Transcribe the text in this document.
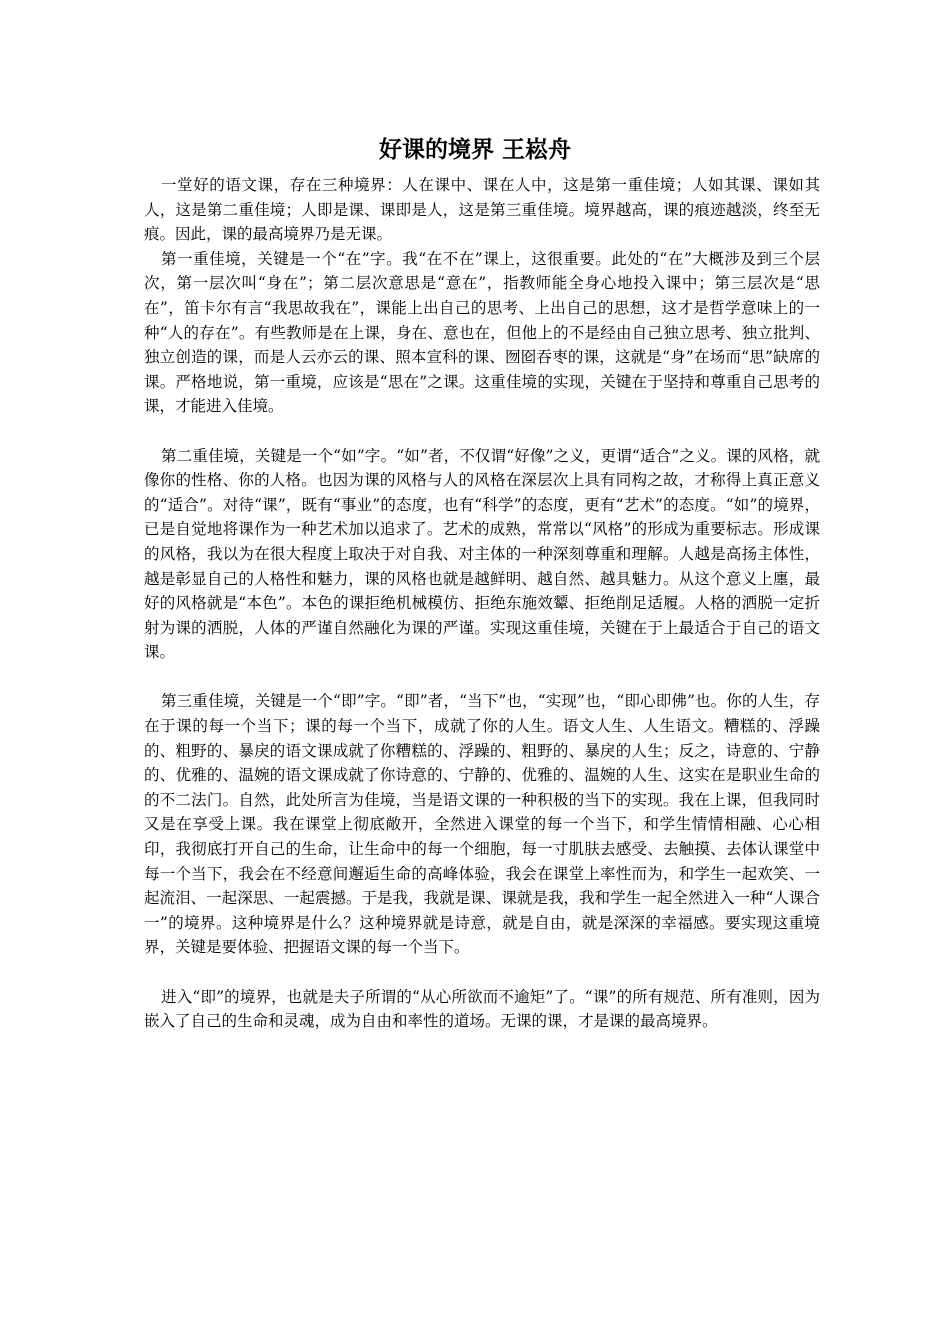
好课的境界 王崧舟

一堂好的语文课，存在三种境界：人在课中、课在人中，这是第一重佳境；人如其课、课如其人，这是第二重佳境；人即是课、课即是人，这是第三重佳境。境界越高，课的痕迹越淡，终至无痕。因此，课的最高境界乃是无课。

第一重佳境，关键是一个“在”字。我“在不在”课上，这很重要。此处的“在”大概涉及到三个层次，第一层次叫“身在”；第二层次意思是“意在”，指教师能全身心地投入课中；第三层次是“思在”，笛卡尔有言“我思故我在”，课能上出自己的思考、上出自己的思想，这才是哲学意味上的一种“人的存在”。有些教师是在上课，身在、意也在，但他上的不是经由自己独立思考、独立批判、独立创造的课，而是人云亦云的课、照本宣科的课、囫囵吞枣的课，这就是“身”在场而“思”缺席的课。严格地说，第一重境，应该是“思在”之课。这重佳境的实现，关键在于坚持和尊重自己思考的课，才能进入佳境。

第二重佳境，关键是一个“如”字。“如”者，不仅谓“好像”之义，更谓“适合”之义。课的风格，就像你的性格、你的人格。也因为课的风格与人的风格在深层次上具有同构之故，才称得上真正意义的“适合”。对待“课”，既有“事业”的态度，也有“科学”的态度，更有“艺术”的态度。“如”的境界，已是自觉地将课作为一种艺术加以追求了。艺术的成熟，常常以“风格”的形成为重要标志。形成课的风格，我以为在很大程度上取决于对自我、对主体的一种深刻尊重和理解。人越是高扬主体性，越是彰显自己的人格性和魅力，课的风格也就是越鲜明、越自然、越具魅力。从这个意义上廛，最好的风格就是“本色”。本色的课拒绝机械模仿、拒绝东施效颦、拒绝削足适履。人格的洒脱一定折射为课的洒脱，人体的严谨自然融化为课的严谨。实现这重佳境，关键在于上最适合于自己的语文课。

第三重佳境，关键是一个“即”字。“即”者，“当下”也，“实现”也，“即心即佛”也。你的人生，存在于课的每一个当下；课的每一个当下，成就了你的人生。语文人生、人生语文。糟糕的、浮躁的、粗野的、暴戾的语文课成就了你糟糕的、浮躁的、粗野的、暴戾的人生；反之，诗意的、宁静的、优雅的、温婉的语文课成就了你诗意的、宁静的、优雅的、温婉的人生、这实在是职业生命的的不二法门。自然，此处所言为佳境，当是语文课的一种积极的当下的实现。我在上课，但我同时又是在享受上课。我在课堂上彻底敞开，全然进入课堂的每一个当下，和学生情情相融、心心相印，我彻底打开自己的生命，让生命中的每一个细胞，每一寸肌肤去感受、去触摸、去体认课堂中每一个当下，我会在不经意间邂逅生命的高峰体验，我会在课堂上率性而为，和学生一起欢笑、一起流泪、一起深思、一起震撼。于是我，我就是课、课就是我，我和学生一起全然进入一种“人课合一”的境界。这种境界是什么？这种境界就是诗意，就是自由，就是深深的幸福感。要实现这重境界，关键是要体验、把握语文课的每一个当下。

进入“即”的境界，也就是夫子所谓的“从心所欲而不逾矩”了。“课”的所有规范、所有准则，因为嵌入了自己的生命和灵魂，成为自由和率性的道场。无课的课，才是课的最高境界。
